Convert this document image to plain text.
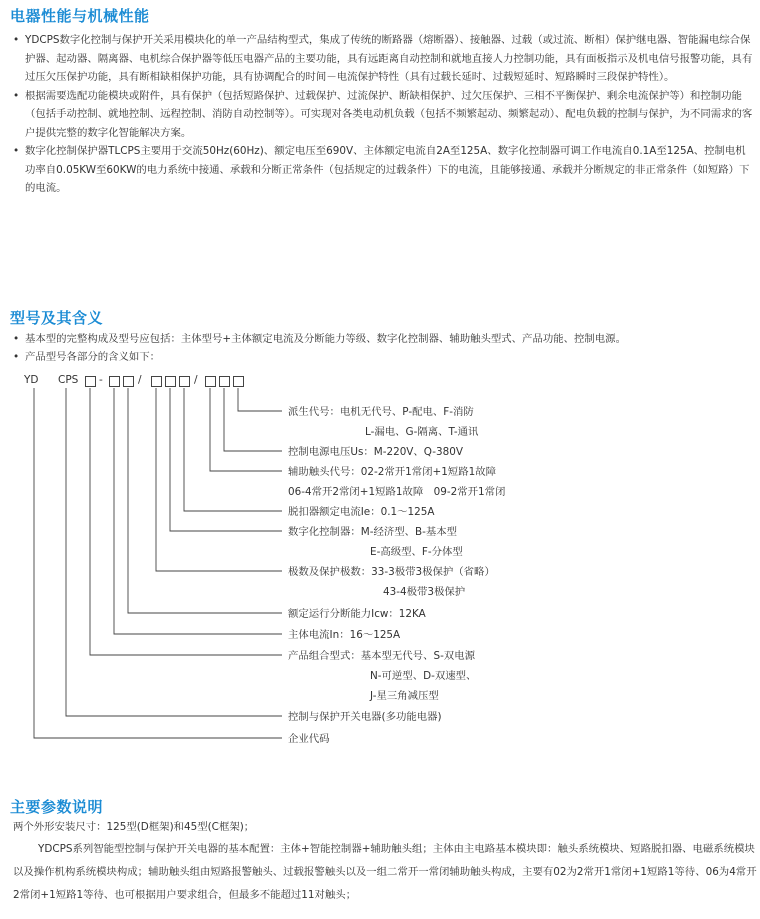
电器性能与机械性能

• YDCPS数字化控制与保护开关采用模块化的单一产品结构型式，集成了传统的断路器（熔断器）、接触器、过载（或过流、断相）保护继电器、智能漏电综合保护器、起动器、隔离器、电机综合保护器等低压电器产品的主要功能，具有远距离自动控制和就地直接人力控制功能，具有面板指示及机电信号报警功能，具有过压欠压保护功能，具有断相缺相保护功能，具有协调配合的时间－电流保护特性（具有过载长延时、过载短延时、短路瞬时三段保护特性）。

• 根据需要选配功能模块或附件，具有保护（包括短路保护、过载保护、过流保护、断缺相保护、过欠压保护、三相不平衡保护、剩余电流保护等）和控制功能（包括手动控制、就地控制、远程控制、消防自动控制等）。可实现对各类电动机负载（包括不频繁起动、频繁起动）、配电负载的控制与保护，为不同需求的客户提供完整的数字化智能解决方案。

• 数字化控制保护器TLCPS主要用于交流50Hz(60Hz)、额定电压至690V、主体额定电流自2A至125A、数字化控制器可调工作电流自0.1A至125A、控制电机功率自0.05KW至60KW的电力系统中接通、承载和分断正常条件（包括规定的过载条件）下的电流，且能够接通、承载并分断规定的非正常条件（如短路）下的电流。

型号及其含义

• 基本型的完整构成及型号应包括：主体型号+主体额定电流及分断能力等级、数字化控制器、辅助触头型式、产品功能、控制电源。

• 产品型号各部分的含义如下：

YD CPS -	/	/
派生代号：电机无代号、P-配电、F-消防
L-漏电、G-隔离、T-通讯
控制电源电压Us：M-220V、Q-380V
辅助触头代号：02-2常开1常闭+1短路1故障
06-4常开2常闭+1短路1故障　09-2常开1常闭
脱扣器额定电流Ie：0.1～125A
数字化控制器：M-经济型、B-基本型
E-高级型、F-分体型
极数及保护极数：33-3极带3极保护（省略）
43-4极带3极保护
额定运行分断能力Icw：12KA
主体电流In：16～125A
产品组合型式：基本型无代号、S-双电源
N-可逆型、D-双速型、
J-星三角减压型
控制与保护开关电器(多功能电器)
企业代码
主要参数说明
两个外形安装尺寸：125型(D框架)和45型(C框架)；
YDCPS系列智能型控制与保护开关电器的基本配置：主体+智能控制器+辅助触头组；主体由主电路基本模块即：触头系统模块、短路脱扣器、电磁系统模块以及操作机构系统模块构成；辅助触头组由短路报警触头、过载报警触头以及一组二常开一常闭辅助触头构成，主要有02为2常开1常闭+1短路1等待、06为4常开2常闭+1短路1等待、也可根据用户要求组合，但最多不能超过11对触头；
